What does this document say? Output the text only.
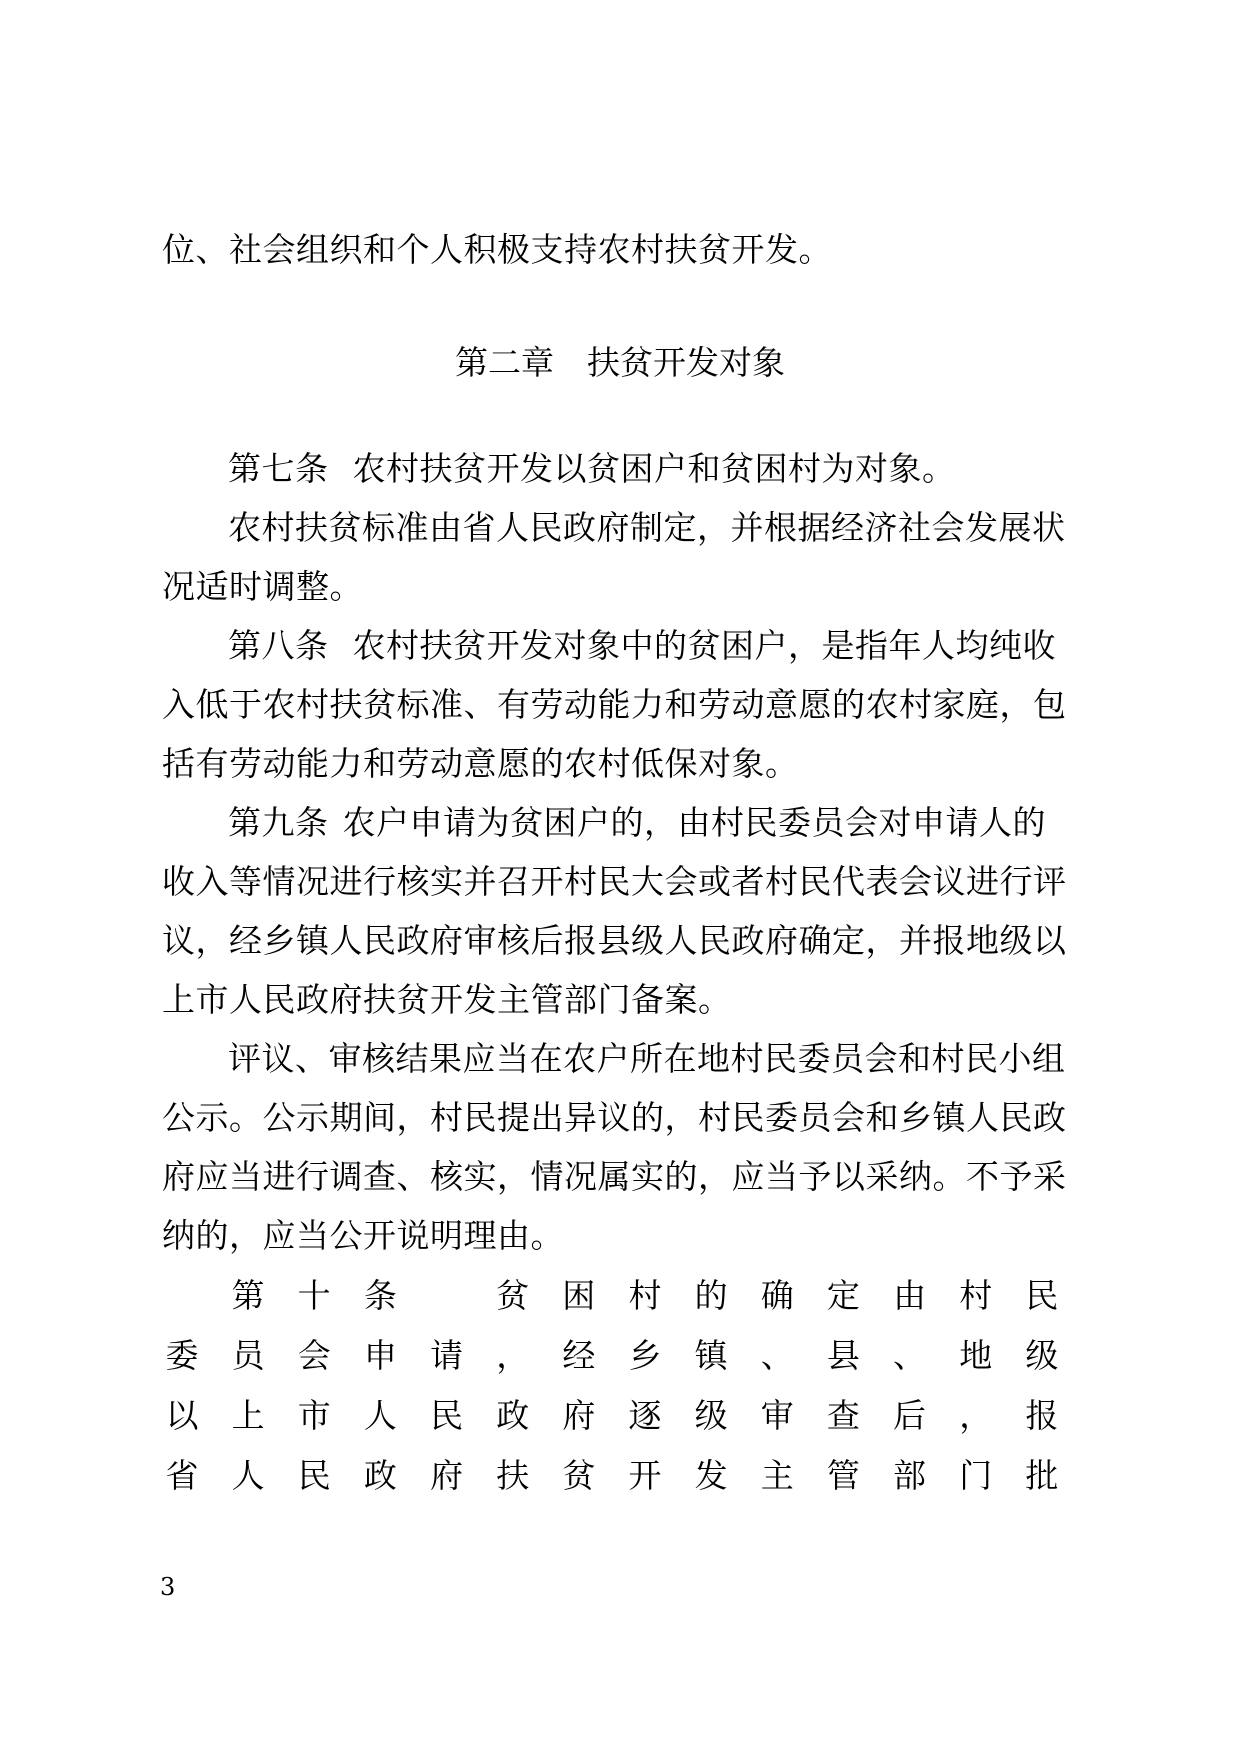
位、社会组织和个人积极支持农村扶贫开发。
第二章　扶贫开发对象
第七条 农村扶贫开发以贫困户和贫困村为对象。
农村扶贫标准由省人民政府制定，并根据经济社会发展状
况适时调整。
第八条 农村扶贫开发对象中的贫困户，是指年人均纯收
入低于农村扶贫标准、有劳动能力和劳动意愿的农村家庭，包
括有劳动能力和劳动意愿的农村低保对象。
第九条 农户申请为贫困户的，由村民委员会对申请人的
收入等情况进行核实并召开村民大会或者村民代表会议进行评
议，经乡镇人民政府审核后报县级人民政府确定，并报地级以
上市人民政府扶贫开发主管部门备案。
评议、审核结果应当在农户所在地村民委员会和村民小组
公示。公示期间，村民提出异议的，村民委员会和乡镇人民政
府应当进行调查、核实，情况属实的，应当予以采纳。不予采
纳的，应当公开说明理由。
第 十 条	贫 困 村 的 确 定 由 村 民
委 员 会 申 请 ， 经 乡 镇 、 县 、 地 级
以 上 市 人 民 政 府 逐 级 审 查 后 ， 报
省 人 民 政 府 扶 贫 开 发 主 管 部 门 批
3
